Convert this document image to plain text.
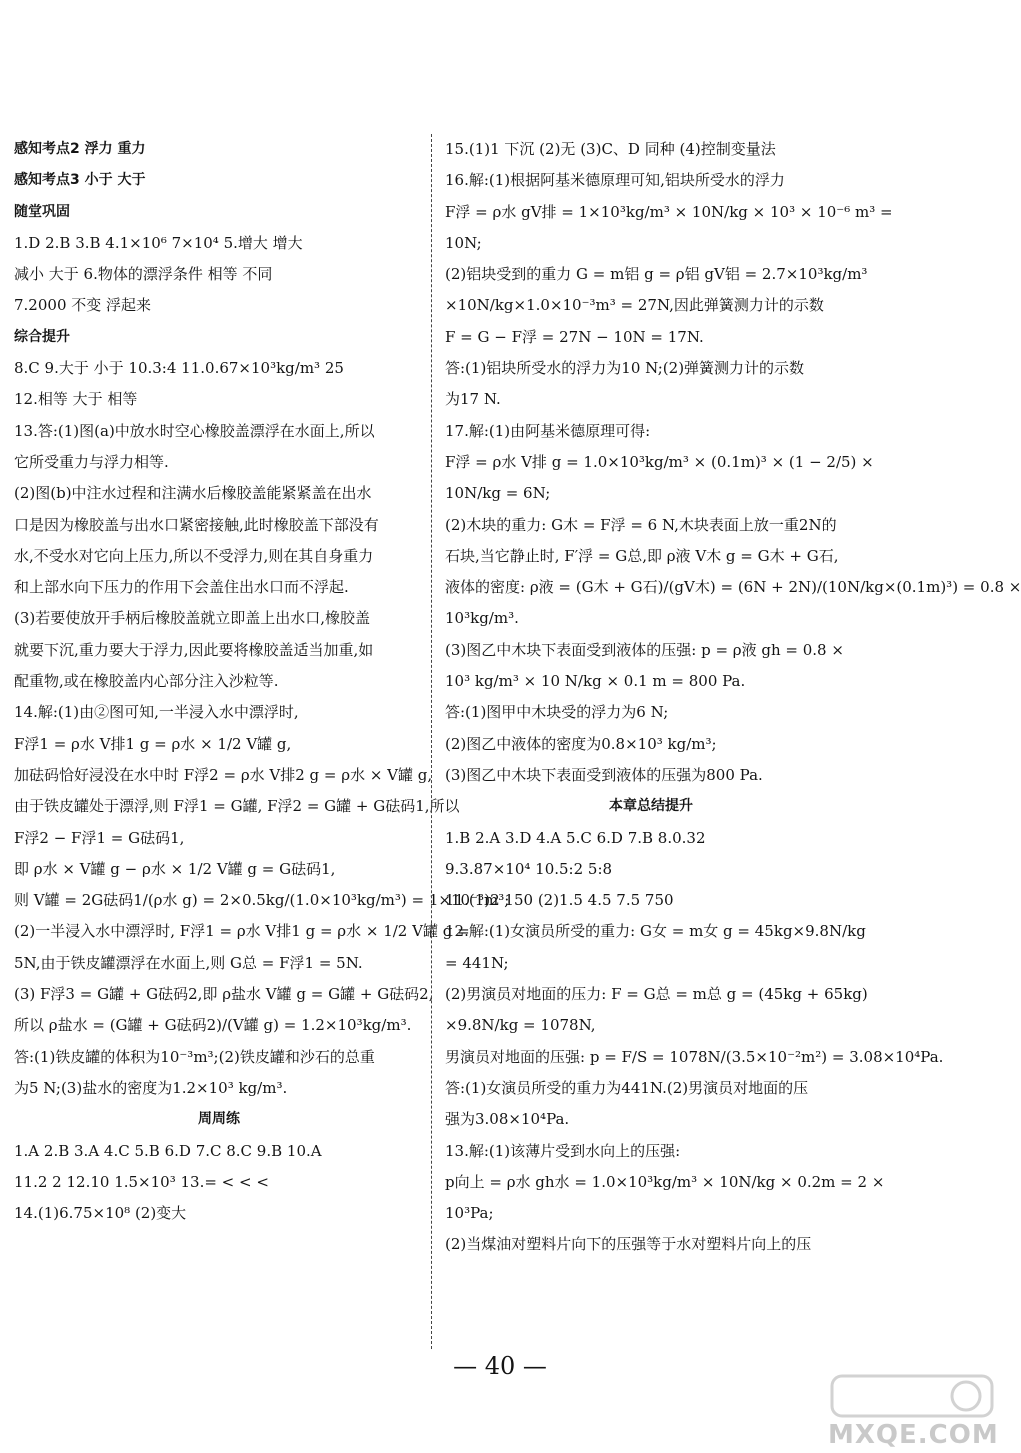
感知考点2 浮力 重力
感知考点3 小于 大于
随堂巩固
1.D 2.B 3.B 4.1×10⁶ 7×10⁴ 5.增大 增大
减小 大于 6.物体的漂浮条件 相等 不同
7.2000 不变 浮起来
综合提升
8.C 9.大于 小于 10.3:4 11.0.67×10³kg/m³ 25
12.相等 大于 相等
13.答:(1)图(a)中放水时空心橡胶盖漂浮在水面上,所以
它所受重力与浮力相等.
(2)图(b)中注水过程和注满水后橡胶盖能紧紧盖在出水
口是因为橡胶盖与出水口紧密接触,此时橡胶盖下部没有
水,不受水对它向上压力,所以不受浮力,则在其自身重力
和上部水向下压力的作用下会盖住出水口而不浮起.
(3)若要使放开手柄后橡胶盖就立即盖上出水口,橡胶盖
就要下沉,重力要大于浮力,因此要将橡胶盖适当加重,如
配重物,或在橡胶盖内心部分注入沙粒等.
14.解:(1)由②图可知,一半浸入水中漂浮时,
F浮1 = ρ水 V排1 g = ρ水 × 1/2 V罐 g,
加砝码恰好浸没在水中时 F浮2 = ρ水 V排2 g = ρ水 × V罐 g,
由于铁皮罐处于漂浮,则 F浮1 = G罐, F浮2 = G罐 + G砝码1,所以
F浮2 − F浮1 = G砝码1,
即 ρ水 × V罐 g − ρ水 × 1/2 V罐 g = G砝码1,
则 V罐 = 2G砝码1/(ρ水 g) = 2×0.5kg/(1.0×10³kg/m³) = 1×10⁻³m³;
(2)一半浸入水中漂浮时, F浮1 = ρ水 V排1 g = ρ水 × 1/2 V罐 g =
5N,由于铁皮罐漂浮在水面上,则 G总 = F浮1 = 5N.
(3) F浮3 = G罐 + G砝码2,即 ρ盐水 V罐 g = G罐 + G砝码2,
所以 ρ盐水 = (G罐 + G砝码2)/(V罐 g) = 1.2×10³kg/m³.
答:(1)铁皮罐的体积为10⁻³m³;(2)铁皮罐和沙石的总重
为5 N;(3)盐水的密度为1.2×10³ kg/m³.
周周练
1.A 2.B 3.A 4.C 5.B 6.D 7.C 8.C 9.B 10.A
11.2 2 12.10 1.5×10³ 13.= < < <
14.(1)6.75×10⁸ (2)变大
15.(1)1 下沉 (2)无 (3)C、D 同种 (4)控制变量法
16.解:(1)根据阿基米德原理可知,铝块所受水的浮力
F浮 = ρ水 gV排 = 1×10³kg/m³ × 10N/kg × 10³ × 10⁻⁶ m³ =
10N;
(2)铝块受到的重力 G = m铝 g = ρ铝 gV铝 = 2.7×10³kg/m³
×10N/kg×1.0×10⁻³m³ = 27N,因此弹簧测力计的示数
F = G − F浮 = 27N − 10N = 17N.
答:(1)铝块所受水的浮力为10 N;(2)弹簧测力计的示数
为17 N.
17.解:(1)由阿基米德原理可得:
F浮 = ρ水 V排 g = 1.0×10³kg/m³ × (0.1m)³ × (1 − 2/5) ×
10N/kg = 6N;
(2)木块的重力: G木 = F浮 = 6 N,木块表面上放一重2N的
石块,当它静止时, F′浮 = G总,即 ρ液 V木 g = G木 + G石,
液体的密度: ρ液 = (G木 + G石)/(gV木) = (6N + 2N)/(10N/kg×(0.1m)³) = 0.8 ×
10³kg/m³.
(3)图乙中木块下表面受到液体的压强: p = ρ液 gh = 0.8 ×
10³ kg/m³ × 10 N/kg × 0.1 m = 800 Pa.
答:(1)图甲中木块受的浮力为6 N;
(2)图乙中液体的密度为0.8×10³ kg/m³;
(3)图乙中木块下表面受到液体的压强为800 Pa.
本章总结提升
1.B 2.A 3.D 4.A 5.C 6.D 7.B 8.0.32
9.3.87×10⁴ 10.5:2 5:8
11.(1)2 150 (2)1.5 4.5 7.5 750
12.解:(1)女演员所受的重力: G女 = m女 g = 45kg×9.8N/kg
= 441N;
(2)男演员对地面的压力: F = G总 = m总 g = (45kg + 65kg)
×9.8N/kg = 1078N,
男演员对地面的压强: p = F/S = 1078N/(3.5×10⁻²m²) = 3.08×10⁴Pa.
答:(1)女演员所受的重力为441N.(2)男演员对地面的压
强为3.08×10⁴Pa.
13.解:(1)该薄片受到水向上的压强:
p向上 = ρ水 gh水 = 1.0×10³kg/m³ × 10N/kg × 0.2m = 2 ×
10³Pa;
(2)当煤油对塑料片向下的压强等于水对塑料片向上的压
— 40 —
MXQE.COM
